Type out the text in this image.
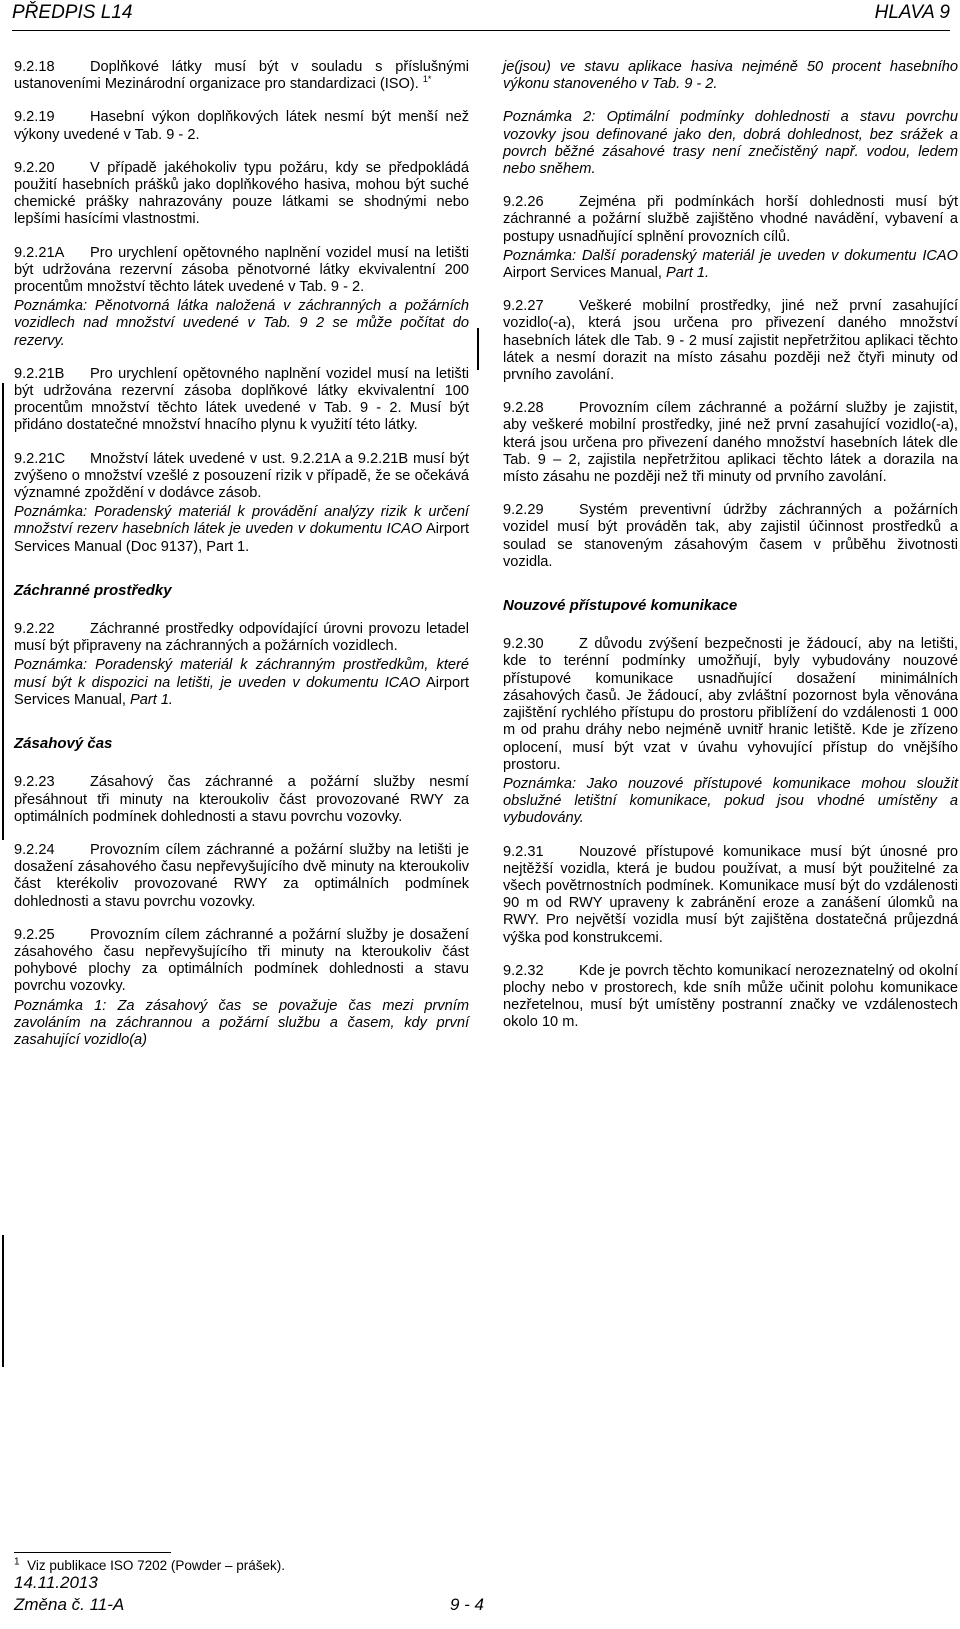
PŘEDPIS L14	HLAVA 9

9.2.18 Doplňkové látky musí být v souladu s příslušnými ustanoveními Mezinárodní organizace pro standardizaci (ISO). $^{1*}$

9.2.19 Hasební výkon doplňkových látek nesmí být menší než výkony uvedené v Tab. 9 - 2.

9.2.20 V případě jakéhokoliv typu požáru, kdy se předpokládá použití hasebních prášků jako doplňkového hasiva, mohou být suché chemické prášky nahrazovány pouze látkami se shodnými nebo lepšími hasícími vlastnostmi.

9.2.21A Pro urychlení opětovného naplnění vozidel musí na letišti být udržována rezervní zásoba pěnotvorné látky ekvivalentní 200 procentům množství těchto látek uvedené v Tab. 9 - 2.

Poznámka: Pěnotvorná látka naložená v záchranných a požárních vozidlech nad množství uvedené v Tab. 9 2 se může počítat do rezervy.

9.2.21B Pro urychlení opětovného naplnění vozidel musí na letišti být udržována rezervní zásoba doplňkové látky ekvivalentní 100 procentům množství těchto látek uvedené v Tab. 9 - 2. Musí být přidáno dostatečné množství hnacího plynu k využití této látky.

9.2.21C Množství látek uvedené v ust. 9.2.21A a 9.2.21B musí být zvýšeno o množství vzešlé z posouzení rizik v případě, že se očekává významné zpoždění v dodávce zásob.

Poznámka: Poradenský materiál k provádění analýzy rizik k určení množství rezerv hasebních látek je uveden v dokumentu ICAO Airport Services Manual (Doc 9137), Part 1.

Záchranné prostředky

9.2.22 Záchranné prostředky odpovídající úrovni provozu letadel musí být připraveny na záchranných a požárních vozidlech.

Poznámka: Poradenský materiál k záchranným prostředkům, které musí být k dispozici na letišti, je uveden v dokumentu ICAO Airport Services Manual, Part 1.

Zásahový čas

9.2.23 Zásahový čas záchranné a požární služby nesmí přesáhnout tři minuty na kteroukoliv část provozované RWY za optimálních podmínek dohlednosti a stavu povrchu vozovky.

9.2.24 Provozním cílem záchranné a požární služby na letišti je dosažení zásahového času nepřevyšujícího dvě minuty na kteroukoliv část kterékoliv provozované RWY za optimálních podmínek dohlednosti a stavu povrchu vozovky.

9.2.25 Provozním cílem záchranné a požární služby je dosažení zásahového času nepřevyšujícího tři minuty na kteroukoliv část pohybové plochy za optimálních podmínek dohlednosti a stavu povrchu vozovky.

Poznámka 1: Za zásahový čas se považuje čas mezi prvním zavoláním na záchrannou a požární službu a časem, kdy první zasahující vozidlo(a)

je(jsou) ve stavu aplikace hasiva nejméně 50 procent hasebního výkonu stanoveného v Tab. 9 - 2.

Poznámka 2: Optimální podmínky dohlednosti a stavu povrchu vozovky jsou definované jako den, dobrá dohlednost, bez srážek a povrch běžné zásahové trasy není znečistěný např. vodou, ledem nebo sněhem.

9.2.26 Zejména při podmínkách horší dohlednosti musí být záchranné a požární službě zajištěno vhodné navádění, vybavení a postupy usnadňující splnění provozních cílů.

Poznámka: Další poradenský materiál je uveden v dokumentu ICAO Airport Services Manual, Part 1.

9.2.27 Veškeré mobilní prostředky, jiné než první zasahující vozidlo(-a), která jsou určena pro přivezení daného množství hasebních látek dle Tab. 9 - 2 musí zajistit nepřetržitou aplikaci těchto látek a nesmí dorazit na místo zásahu později než čtyři minuty od prvního zavolání.

9.2.28 Provozním cílem záchranné a požární služby je zajistit, aby veškeré mobilní prostředky, jiné než první zasahující vozidlo(-a), která jsou určena pro přivezení daného množství hasebních látek dle Tab. 9 – 2, zajistila nepřetržitou aplikaci těchto látek a dorazila na místo zásahu ne později než tři minuty od prvního zavolání.

9.2.29 Systém preventivní údržby záchranných a požárních vozidel musí být prováděn tak, aby zajistil účinnost prostředků a soulad se stanoveným zásahovým časem v průběhu životnosti vozidla.

Nouzové přístupové komunikace

9.2.30 Z důvodu zvýšení bezpečnosti je žádoucí, aby na letišti, kde to terénní podmínky umožňují, byly vybudovány nouzové přístupové komunikace usnadňující dosažení minimálních zásahových časů. Je žádoucí, aby zvláštní pozornost byla věnována zajištění rychlého přístupu do prostoru přiblížení do vzdálenosti 1 000 m od prahu dráhy nebo nejméně uvnitř hranic letiště. Kde je zřízeno oplocení, musí být vzat v úvahu vyhovující přístup do vnějšího prostoru.

Poznámka: Jako nouzové přístupové komunikace mohou sloužit obslužné letištní komunikace, pokud jsou vhodné umístěny a vybudovány.

9.2.31 Nouzové přístupové komunikace musí být únosné pro nejtěžší vozidla, která je budou používat, a musí být použitelné za všech povětrnostních podmínek. Komunikace musí být do vzdálenosti 90 m od RWY upraveny k zabránění eroze a zanášení úlomků na RWY. Pro největší vozidla musí být zajištěna dostatečná průjezdná výška pod konstrukcemi.

9.2.32 Kde je povrch těchto komunikací nerozeznatelný od okolní plochy nebo v prostorech, kde sníh může učinit polohu komunikace nezřetelnou, musí být umístěny postranní značky ve vzdálenostech okolo 10 m.

$^1$ Viz publikace ISO 7202 (Powder – prášek).
14.11.2013
Změna č. 11-A	9 - 4
